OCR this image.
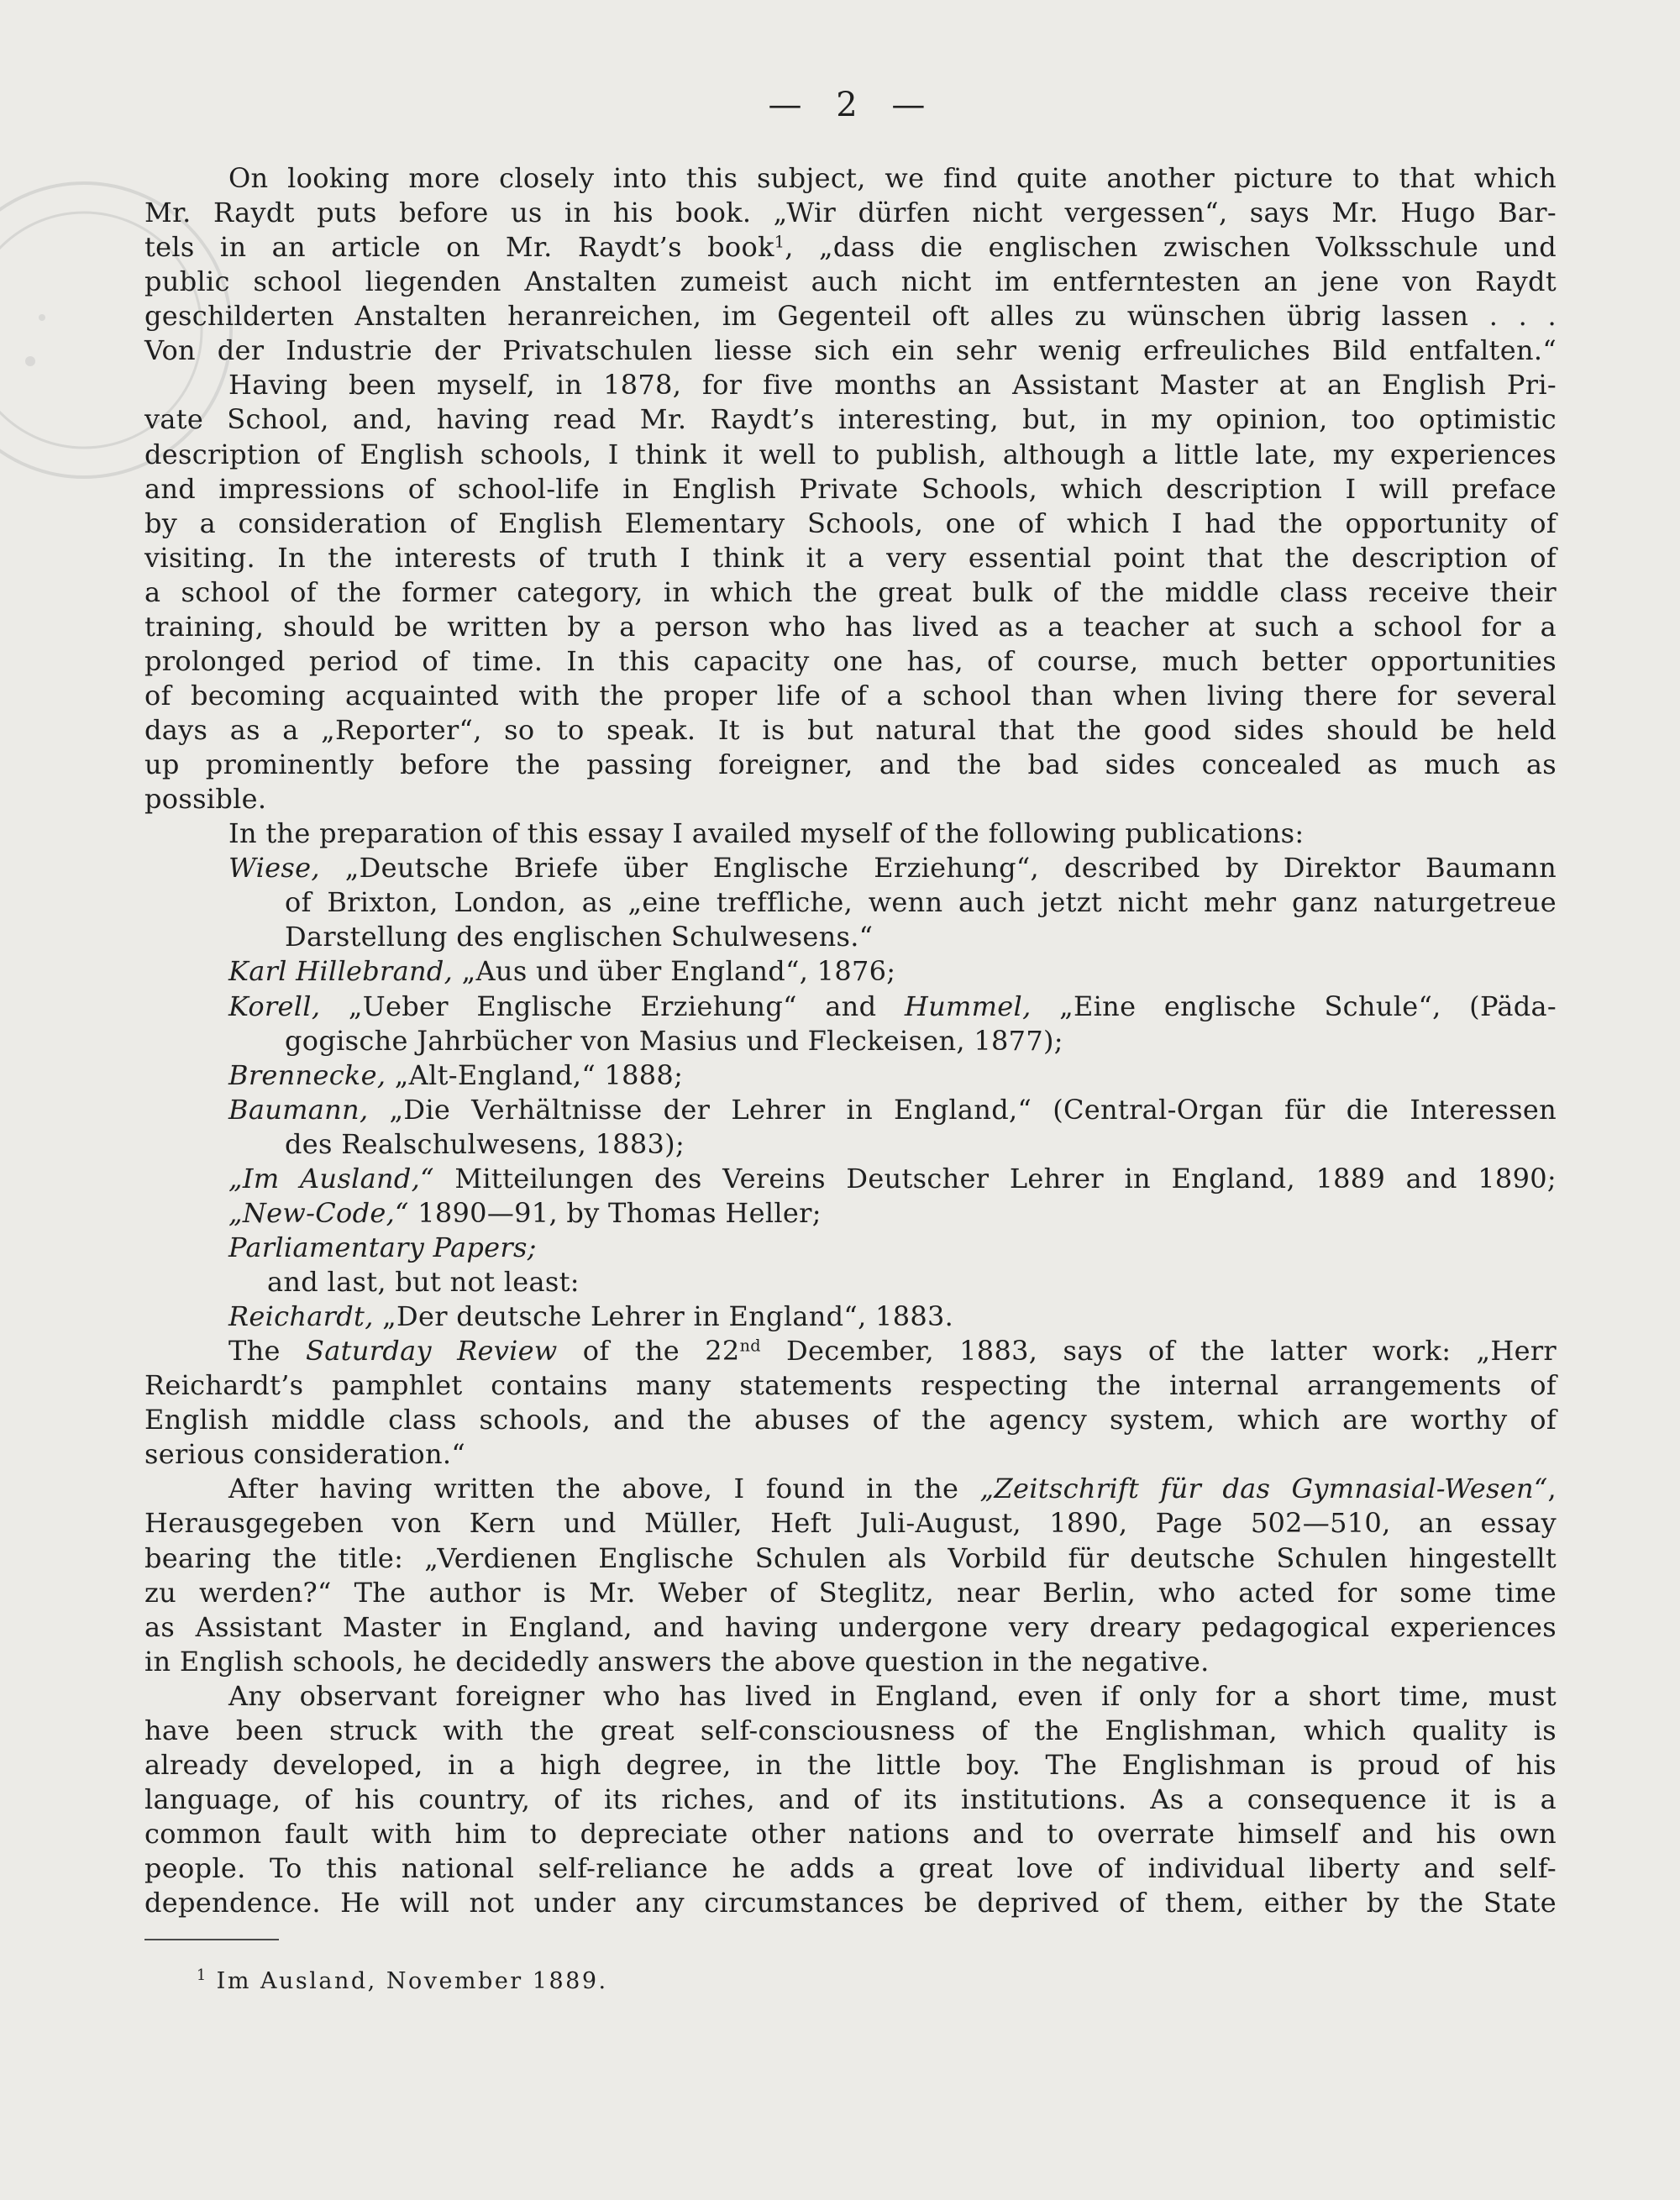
— 2 —
On looking more closely into this subject, we find quite another picture to that which
Mr. Raydt puts before us in his book. „Wir dürfen nicht vergessen“, says Mr. Hugo Bar-
tels in an article on Mr. Raydt’s book$^1$, „dass die englischen zwischen Volksschule und
public school liegenden Anstalten zumeist auch nicht im entferntesten an jene von Raydt
geschilderten Anstalten heranreichen, im Gegenteil oft alles zu wünschen übrig lassen . . .
Von der Industrie der Privatschulen liesse sich ein sehr wenig erfreuliches Bild entfalten.“
Having been myself, in 1878, for five months an Assistant Master at an English Pri-
vate School, and, having read Mr. Raydt’s interesting, but, in my opinion, too optimistic
description of English schools, I think it well to publish, although a little late, my experiences
and impressions of school-life in English Private Schools, which description I will preface
by a consideration of English Elementary Schools, one of which I had the opportunity of
visiting. In the interests of truth I think it a very essential point that the description of
a school of the former category, in which the great bulk of the middle class receive their
training, should be written by a person who has lived as a teacher at such a school for a
prolonged period of time. In this capacity one has, of course, much better opportunities
of becoming acquainted with the proper life of a school than when living there for several
days as a „Reporter“, so to speak. It is but natural that the good sides should be held
up prominently before the passing foreigner, and the bad sides concealed as much as
possible.
In the preparation of this essay I availed myself of the following publications:
Wiese, „Deutsche Briefe über Englische Erziehung“, described by Direktor Baumann
of Brixton, London, as „eine treffliche, wenn auch jetzt nicht mehr ganz naturgetreue
Darstellung des englischen Schulwesens.“
Karl Hillebrand, „Aus und über England“, 1876;
Korell, „Ueber Englische Erziehung“ and Hummel, „Eine englische Schule“, (Päda-
gogische Jahrbücher von Masius und Fleckeisen, 1877);
Brennecke, „Alt-England,“ 1888;
Baumann, „Die Verhältnisse der Lehrer in England,“ (Central-Organ für die Interessen
des Realschulwesens, 1883);
„Im Ausland,“ Mitteilungen des Vereins Deutscher Lehrer in England, 1889 and 1890;
„New-Code,“ 1890—91, by Thomas Heller;
Parliamentary Papers;
and last, but not least:
Reichardt, „Der deutsche Lehrer in England“, 1883.
The Saturday Review of the 22nd December, 1883, says of the latter work: „Herr
Reichardt’s pamphlet contains many statements respecting the internal arrangements of
English middle class schools, and the abuses of the agency system, which are worthy of
serious consideration.“
After having written the above, I found in the „Zeitschrift für das Gymnasial-Wesen“,
Herausgegeben von Kern und Müller, Heft Juli-August, 1890, Page 502—510, an essay
bearing the title: „Verdienen Englische Schulen als Vorbild für deutsche Schulen hingestellt
zu werden?“ The author is Mr. Weber of Steglitz, near Berlin, who acted for some time
as Assistant Master in England, and having undergone very dreary pedagogical experiences
in English schools, he decidedly answers the above question in the negative.
Any observant foreigner who has lived in England, even if only for a short time, must
have been struck with the great self-consciousness of the Englishman, which quality is
already developed, in a high degree, in the little boy. The Englishman is proud of his
language, of his country, of its riches, and of its institutions. As a consequence it is a
common fault with him to depreciate other nations and to overrate himself and his own
people. To this national self-reliance he adds a great love of individual liberty and self-
dependence. He will not under any circumstances be deprived of them, either by the State
$^1$ Im Ausland, November 1889.
